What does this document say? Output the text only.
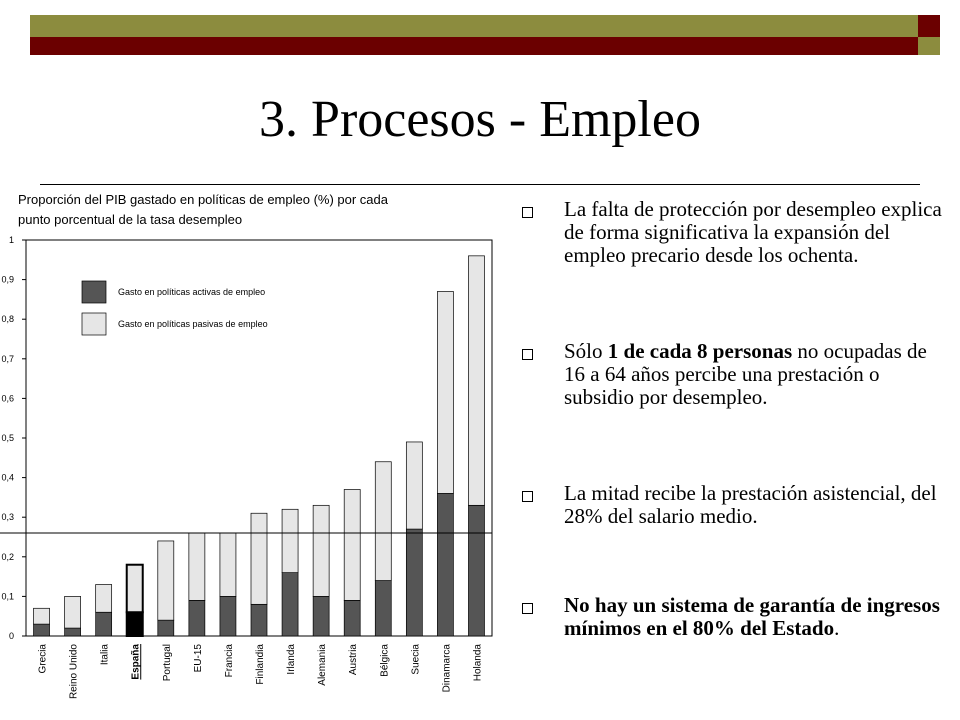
3. Procesos - Empleo
Proporción del PIB gastado en políticas de empleo (%) por cada
punto porcentual de la tasa desempleo
0
0,1
0,2
0,3
0,4
0,5
0,6
0,7
0,8
0,9
1
Grecia Reino Unido Italia España Portugal EU-15 Francia Finlandia Irlanda Alemania Austria Bélgica Suecia Dinamarca Holanda
Gasto en políticas activas de empleo
Gasto en políticas pasivas de empleo
La falta de protección por desempleo explica de forma significativa la expansión del empleo precario desde los ochenta.
Sólo 1 de cada 8 personas no ocupadas de 16 a 64 años percibe una prestación o subsidio por desempleo.
La mitad recibe la prestación asistencial, del 28% del salario medio.
No hay un sistema de garantía de ingresos mínimos en el 80% del Estado.
